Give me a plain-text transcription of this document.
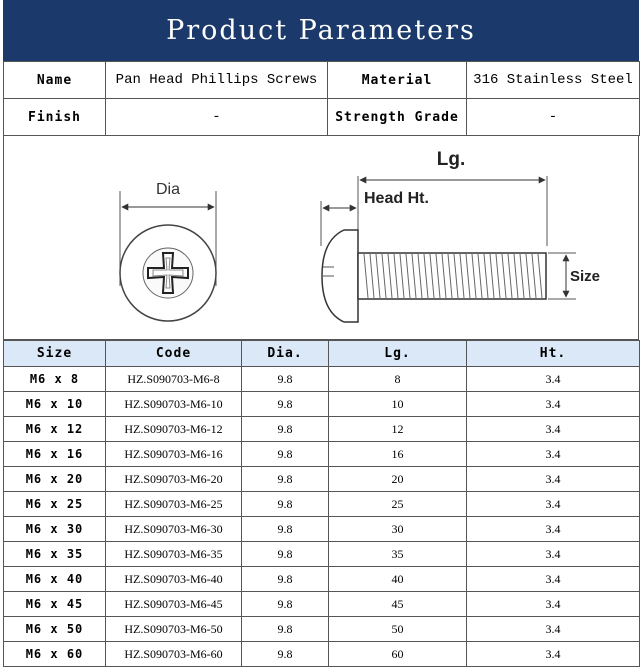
Product Parameters
Name	Pan Head Phillips Screws	Material	316 Stainless Steel
Finish	-	Strength Grade	-
Dia
Lg.
Head Ht.
Size
Size	Code	Dia.	Lg.	Ht.
M6 x 8	HZ.S090703-M6-8	9.8	8	3.4
M6 x 10	HZ.S090703-M6-10	9.8	10	3.4
M6 x 12	HZ.S090703-M6-12	9.8	12	3.4
M6 x 16	HZ.S090703-M6-16	9.8	16	3.4
M6 x 20	HZ.S090703-M6-20	9.8	20	3.4
M6 x 25	HZ.S090703-M6-25	9.8	25	3.4
M6 x 30	HZ.S090703-M6-30	9.8	30	3.4
M6 x 35	HZ.S090703-M6-35	9.8	35	3.4
M6 x 40	HZ.S090703-M6-40	9.8	40	3.4
M6 x 45	HZ.S090703-M6-45	9.8	45	3.4
M6 x 50	HZ.S090703-M6-50	9.8	50	3.4
M6 x 60	HZ.S090703-M6-60	9.8	60	3.4
